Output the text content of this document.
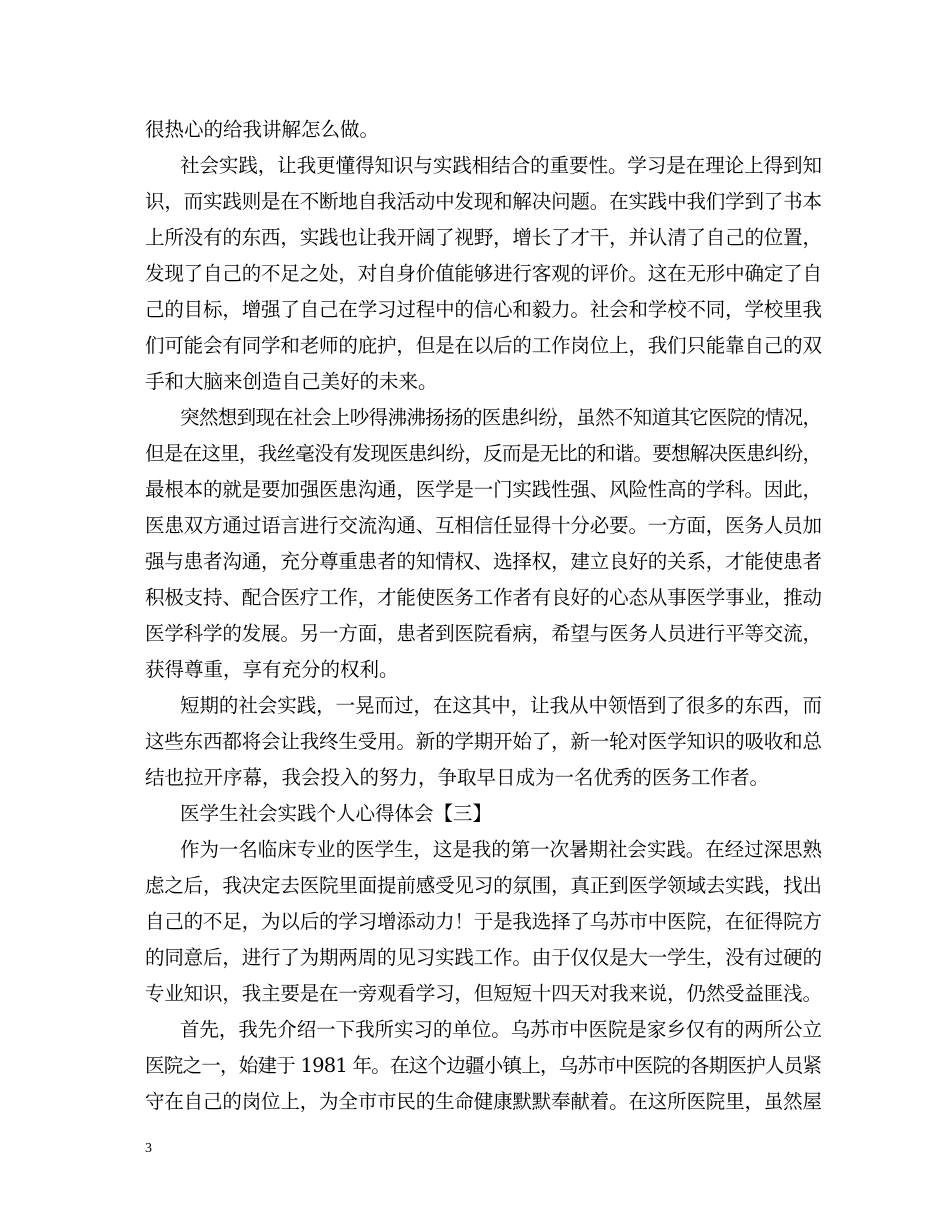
很热心的给我讲解怎么做。
社会实践，让我更懂得知识与实践相结合的重要性。学习是在理论上得到知
识，而实践则是在不断地自我活动中发现和解决问题。在实践中我们学到了书本
上所没有的东西，实践也让我开阔了视野，增长了才干，并认清了自己的位置，
发现了自己的不足之处，对自身价值能够进行客观的评价。这在无形中确定了自
己的目标，增强了自己在学习过程中的信心和毅力。社会和学校不同，学校里我
们可能会有同学和老师的庇护，但是在以后的工作岗位上，我们只能靠自己的双
手和大脑来创造自己美好的未来。
突然想到现在社会上吵得沸沸扬扬的医患纠纷，虽然不知道其它医院的情况，
但是在这里，我丝毫没有发现医患纠纷，反而是无比的和谐。要想解决医患纠纷，
最根本的就是要加强医患沟通，医学是一门实践性强、风险性高的学科。因此，
医患双方通过语言进行交流沟通、互相信任显得十分必要。一方面，医务人员加
强与患者沟通，充分尊重患者的知情权、选择权，建立良好的关系，才能使患者
积极支持、配合医疗工作，才能使医务工作者有良好的心态从事医学事业，推动
医学科学的发展。另一方面，患者到医院看病，希望与医务人员进行平等交流，
获得尊重，享有充分的权利。
短期的社会实践，一晃而过，在这其中，让我从中领悟到了很多的东西，而
这些东西都将会让我终生受用。新的学期开始了，新一轮对医学知识的吸收和总
结也拉开序幕，我会投入的努力，争取早日成为一名优秀的医务工作者。
医学生社会实践个人心得体会【三】
作为一名临床专业的医学生，这是我的第一次暑期社会实践。在经过深思熟
虑之后，我决定去医院里面提前感受见习的氛围，真正到医学领域去实践，找出
自己的不足，为以后的学习增添动力！于是我选择了乌苏市中医院，在征得院方
的同意后，进行了为期两周的见习实践工作。由于仅仅是大一学生，没有过硬的
专业知识，我主要是在一旁观看学习，但短短十四天对我来说，仍然受益匪浅。
首先，我先介绍一下我所实习的单位。乌苏市中医院是家乡仅有的两所公立
医院之一，始建于 1981 年。在这个边疆小镇上，乌苏市中医院的各期医护人员紧
守在自己的岗位上，为全市市民的生命健康默默奉献着。在这所医院里，虽然屋
3
